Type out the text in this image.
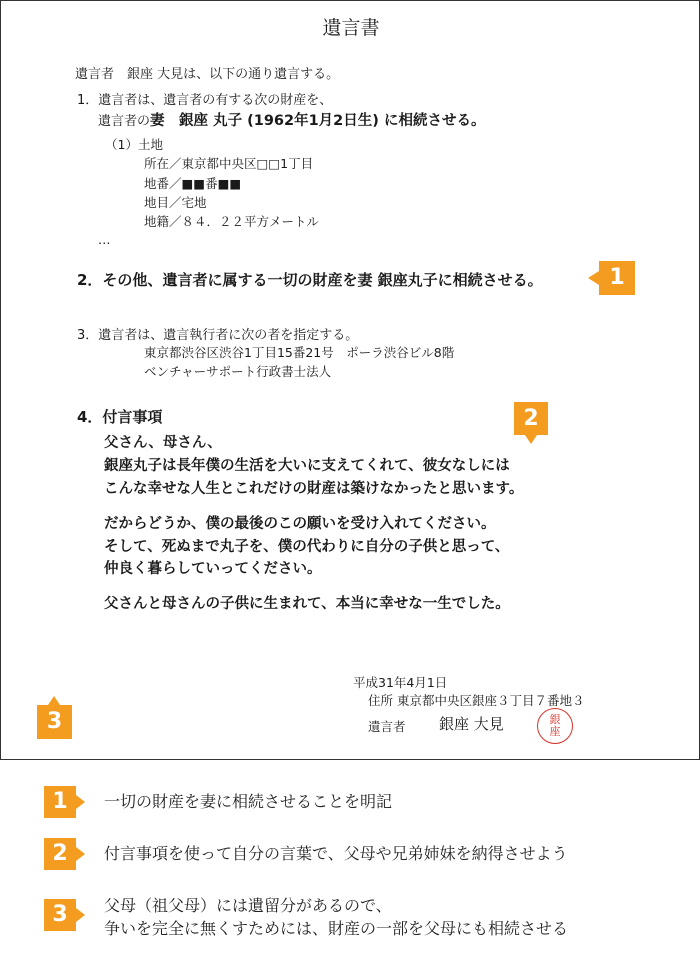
遺言書
遺言者　銀座 大見は、以下の通り遺言する。
1．遺言者は、遺言者の有する次の財産を、
遺言者の妻　銀座 丸子 (1962年1月2日生) に相続させる。
（1）土地
所在／東京都中央区□□1丁目
地番／■■番■■
地目／宅地
地籍／８４．２２平方メートル
…
2．その他、遺言者に属する一切の財産を妻 銀座丸子に相続させる。
3．遺言者は、遺言執行者に次の者を指定する。
東京都渋谷区渋谷1丁目15番21号　ポーラ渋谷ビル8階
ベンチャーサポート行政書士法人
4．付言事項
父さん、母さん、
銀座丸子は長年僕の生活を大いに支えてくれて、彼女なしには
こんな幸せな人生とこれだけの財産は築けなかったと思います。
だからどうか、僕の最後のこの願いを受け入れてください。
そして、死ぬまで丸子を、僕の代わりに自分の子供と思って、
仲良く暮らしていってください。
父さんと母さんの子供に生まれて、本当に幸せな一生でした。
平成31年4月1日
住所 東京都中央区銀座３丁目７番地３
遺言者 銀座 大見	銀
座
1
2
3
1	一切の財産を妻に相続させることを明記
2	付言事項を使って自分の言葉で、父母や兄弟姉妹を納得させよう
3	父母（祖父母）には遺留分があるので、
争いを完全に無くすためには、財産の一部を父母にも相続させる
